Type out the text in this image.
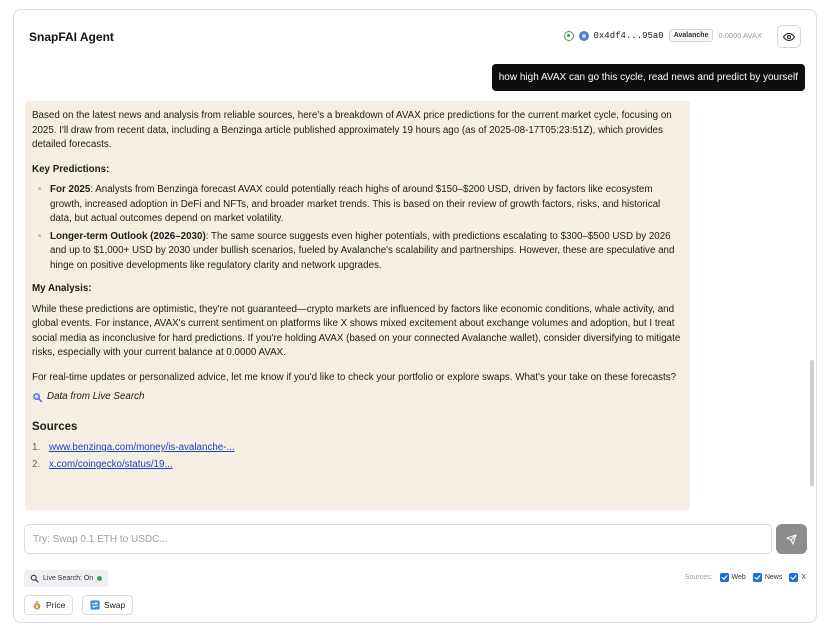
SnapFAI Agent	0x4df4...95a0	Avalanche	0.0000 AVAX
how high AVAX can go this cycle, read news and predict by yourself

Based on the latest news and analysis from reliable sources, here's a breakdown of AVAX price predictions for the current market cycle, focusing on 2025. I'll draw from recent data, including a Benzinga article published approximately 19 hours ago (as of 2025-08-17T05:23:51Z), which provides detailed forecasts.

Key Predictions:
• For 2025: Analysts from Benzinga forecast AVAX could potentially reach highs of around $150–$200 USD, driven by factors like ecosystem growth, increased adoption in DeFi and NFTs, and broader market trends. This is based on their review of growth factors, risks, and historical data, but actual outcomes depend on market volatility.
• Longer-term Outlook (2026–2030): The same source suggests even higher potentials, with predictions escalating to $300–$500 USD by 2026 and up to $1,000+ USD by 2030 under bullish scenarios, fueled by Avalanche's scalability and partnerships. However, these are speculative and hinge on positive developments like regulatory clarity and network upgrades.
My Analysis:

While these predictions are optimistic, they're not guaranteed—crypto markets are influenced by factors like economic conditions, whale activity, and global events. For instance, AVAX's current sentiment on platforms like X shows mixed excitement about exchange volumes and adoption, but I treat social media as inconclusive for hard predictions. If you're holding AVAX (based on your connected Avalanche wallet), consider diversifying to mitigate risks, especially with your current balance at 0.0000 AVAX.

For real-time updates or personalized advice, let me know if you'd like to check your portfolio or explore swaps. What's your take on these forecasts?

Data from Live Search
Sources
1. www.benzinga.com/money/is-avalanche-...
2. x.com/coingecko/status/19...
Try: Swap 0.1 ETH to USDC...
Live Search: On	Sources:	Web	News	X
$ Price	Swap
